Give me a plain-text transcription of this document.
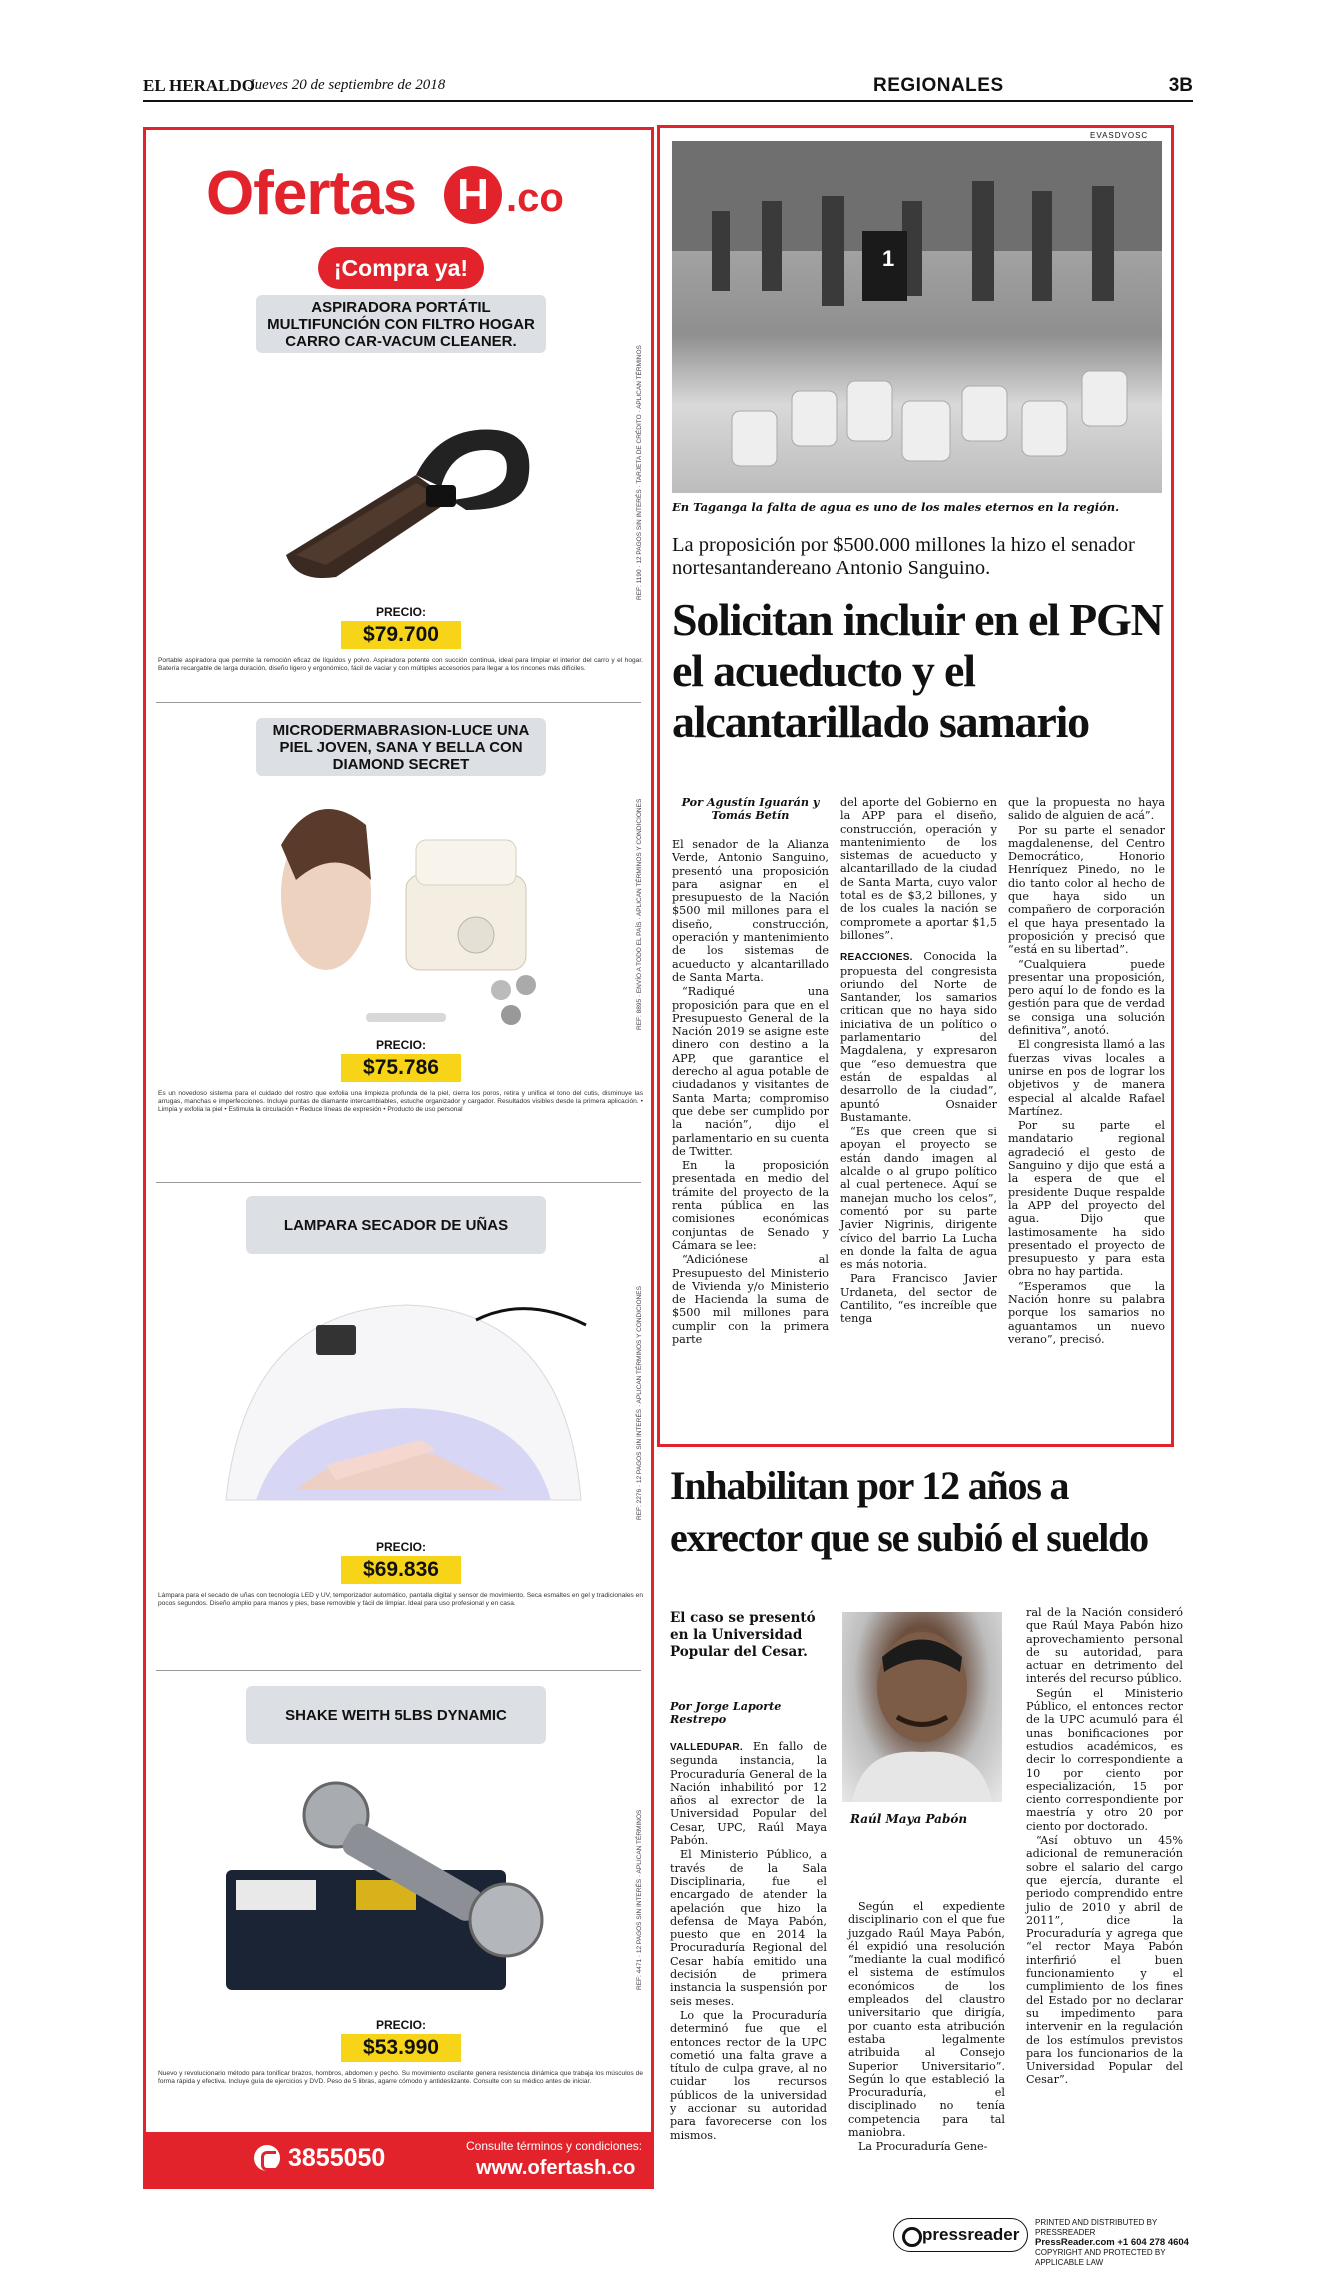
EL HERALDO
Jueves 20 de septiembre de 2018	REGIONALES	3B
Ofertas H .co
¡Compra ya!
ASPIRADORA PORTÁTIL MULTIFUNCIÓN CON FILTRO HOGAR CARRO CAR-VACUM CLEANER.
PRECIO:
$79.700
Portable aspiradora que permite la remoción eficaz de líquidos y polvo. Aspiradora potente con succión continua, ideal para limpiar el interior del carro y el hogar. Batería recargable de larga duración, diseño ligero y ergonómico, fácil de vaciar y con múltiples accesorios para llegar a los rincones más difíciles.
REF: 1190 · 12 PAGOS SIN INTERÉS · TARJETA DE CRÉDITO · APLICAN TÉRMINOS
MICRODERMABRASION-LUCE UNA PIEL JOVEN, SANA Y BELLA CON DIAMOND SECRET
PRECIO:
$75.786
Es un novedoso sistema para el cuidado del rostro que exfolia una limpieza profunda de la piel, cierra los poros, retira y unifica el tono del cutis, disminuye las arrugas, manchas e imperfecciones. Incluye puntas de diamante intercambiables, estuche organizador y cargador. Resultados visibles desde la primera aplicación. • Limpia y exfolia la piel • Estimula la circulación • Reduce líneas de expresión • Producto de uso personal
REF: 8895 · ENVÍO A TODO EL PAÍS · APLICAN TÉRMINOS Y CONDICIONES
LAMPARA SECADOR DE UÑAS
PRECIO:
$69.836
Lámpara para el secado de uñas con tecnología LED y UV, temporizador automático, pantalla digital y sensor de movimiento. Seca esmaltes en gel y tradicionales en pocos segundos. Diseño amplio para manos y pies, base removible y fácil de limpiar. Ideal para uso profesional y en casa.
REF: 2276 · 12 PAGOS SIN INTERÉS · APLICAN TÉRMINOS Y CONDICIONES
SHAKE WEITH 5LBS DYNAMIC
PRECIO:
$53.990
Nuevo y revolucionario método para tonificar brazos, hombros, abdomen y pecho. Su movimiento oscilante genera resistencia dinámica que trabaja los músculos de forma rápida y efectiva. Incluye guía de ejercicios y DVD. Peso de 5 libras, agarre cómodo y antideslizante. Consulte con su médico antes de iniciar.
REF: 4471 · 12 PAGOS SIN INTERÉS · APLICAN TÉRMINOS
3855050	Consulte términos y condiciones:
www.ofertash.co
EVASDVOSC
1
En Taganga la falta de agua es uno de los males eternos en la región.
La proposición por $500.000 millones la hizo el senador nortesantandereano Antonio Sanguino.
Solicitan incluir en el PGN el acueducto y el alcantarillado samario
Por Agustín Iguarán y Tomás Betín

El senador de la Alianza Verde, Antonio Sanguino, presentó una proposición para asignar en el presupuesto de la Nación $500 mil millones para el diseño, construcción, operación y mantenimiento de los sistemas de acueducto y alcantarillado de Santa Marta.

“Radiqué una proposición para que en el Presupuesto General de la Nación 2019 se asigne este dinero con destino a la APP, que garantice el derecho al agua potable de ciudadanos y visitantes de Santa Marta; compromiso que debe ser cumplido por la nación”, dijo el parlamentario en su cuenta de Twitter.

En la proposición presentada en medio del trámite del proyecto de la renta pública en las comisiones económicas conjuntas de Senado y Cámara se lee:

“Adiciónese al Presupuesto del Ministerio de Vivienda y/o Ministerio de Hacienda la suma de $500 mil millones para cumplir con la primera parte

del aporte del Gobierno en la APP para el diseño, construcción, operación y mantenimiento de los sistemas de acueducto y alcantarillado de la ciudad de Santa Marta, cuyo valor total es de $3,2 billones, y de los cuales la nación se compromete a aportar $1,5 billones”.

REACCIONES. Conocida la propuesta del congresista oriundo del Norte de Santander, los samarios critican que no haya sido iniciativa de un político o parlamentario del Magdalena, y expresaron que “eso demuestra que están de espaldas al desarrollo de la ciudad”, apuntó Osnaider Bustamante.

“Es que creen que si apoyan el proyecto se están dando imagen al alcalde o al grupo político al cual pertenece. Aquí se manejan mucho los celos”, comentó por su parte Javier Nigrinis, dirigente cívico del barrio La Lucha en donde la falta de agua es más notoria.

Para Francisco Javier Urdaneta, del sector de Cantilito, “es increíble que tenga

que la propuesta no haya salido de alguien de acá”.

Por su parte el senador magdalenense, del Centro Democrático, Honorio Henríquez Pinedo, no le dio tanto color al hecho de que haya sido un compañero de corporación el que haya presentado la proposición y precisó que “está en su libertad”.

“Cualquiera puede presentar una proposición, pero aquí lo de fondo es la gestión para que de verdad se consiga una solución definitiva”, anotó.

El congresista llamó a las fuerzas vivas locales a unirse en pos de lograr los objetivos y de manera especial al alcalde Rafael Martínez.

Por su parte el mandatario regional agradeció el gesto de Sanguino y dijo que está a la espera de que el presidente Duque respalde la APP del proyecto del agua. Dijo que lastimosamente ha sido presentado el proyecto de presupuesto y para esta obra no hay partida.

“Esperamos que la Nación honre su palabra porque los samarios no aguantamos un nuevo verano”, precisó.

Inhabilitan por 12 años a exrector que se subió el sueldo
El caso se presentó en la Universidad Popular del Cesar.
Por Jorge Laporte Restrepo

VALLEDUPAR. En fallo de segunda instancia, la Procuraduría General de la Nación inhabilitó por 12 años al exrector de la Universidad Popular del Cesar, UPC, Raúl Maya Pabón.

El Ministerio Público, a través de la Sala Disciplinaria, fue el encargado de atender la apelación que hizo la defensa de Maya Pabón, puesto que en 2014 la Procuraduría Regional del Cesar había emitido una decisión de primera instancia la suspensión por seis meses.

Lo que la Procuraduría determinó fue que el entonces rector de la UPC cometió una falta grave a título de culpa grave, al no cuidar los recursos públicos de la universidad y accionar su autoridad para favorecerse con los mismos.

Raúl Maya Pabón

Según el expediente disciplinario con el que fue juzgado Raúl Maya Pabón, él expidió una resolución “mediante la cual modificó el sistema de estímulos económicos de los empleados del claustro universitario que dirigía, por cuanto esta atribución estaba legalmente atribuida al Consejo Superior Universitario”. Según lo que estableció la Procuraduría, el disciplinado no tenía competencia para tal maniobra.

La Procuraduría Gene-

ral de la Nación consideró que Raúl Maya Pabón hizo aprovechamiento personal de su autoridad, para actuar en detrimento del interés del recurso público.

Según el Ministerio Público, el entonces rector de la UPC acumuló para él unas bonificaciones por estudios académicos, es decir lo correspondiente a 10 por ciento por especialización, 15 por ciento correspondiente por maestría y otro 20 por ciento por doctorado.

“Así obtuvo un 45% adicional de remuneración sobre el salario del cargo que ejercía, durante el periodo comprendido entre julio de 2010 y abril de 2011”, dice la Procuraduría y agrega que “el rector Maya Pabón interfirió el buen funcionamiento y el cumplimiento de los fines del Estado por no declarar su impedimento para intervenir en la regulación de los estímulos previstos para los funcionarios de la Universidad Popular del Cesar”.

pressreader
PRINTED AND DISTRIBUTED BY PRESSREADER
PressReader.com +1 604 278 4604
COPYRIGHT AND PROTECTED BY APPLICABLE LAW
